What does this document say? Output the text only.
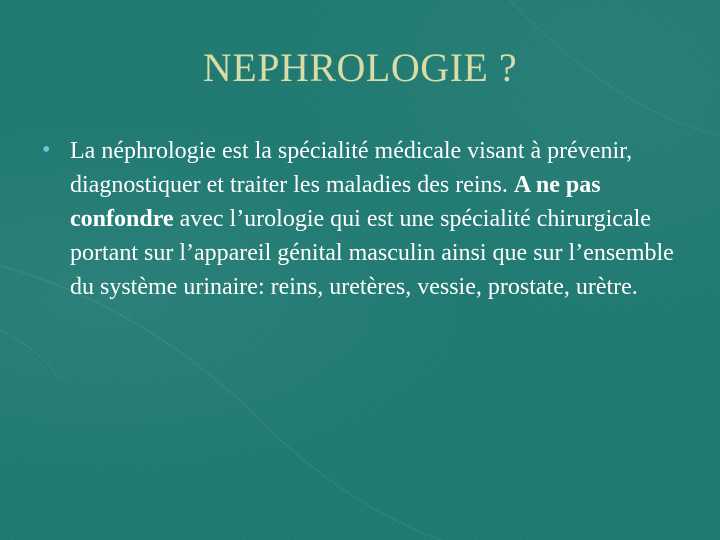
NEPHROLOGIE ?
• La néphrologie est la spécialité médicale visant à prévenir, diagnostiquer et traiter les maladies des reins. A ne pas confondre avec l’urologie qui est une spécialité chirurgicale portant sur l’appareil génital masculin ainsi que sur l’ensemble du système urinaire: reins, uretères, vessie, prostate, urètre.
